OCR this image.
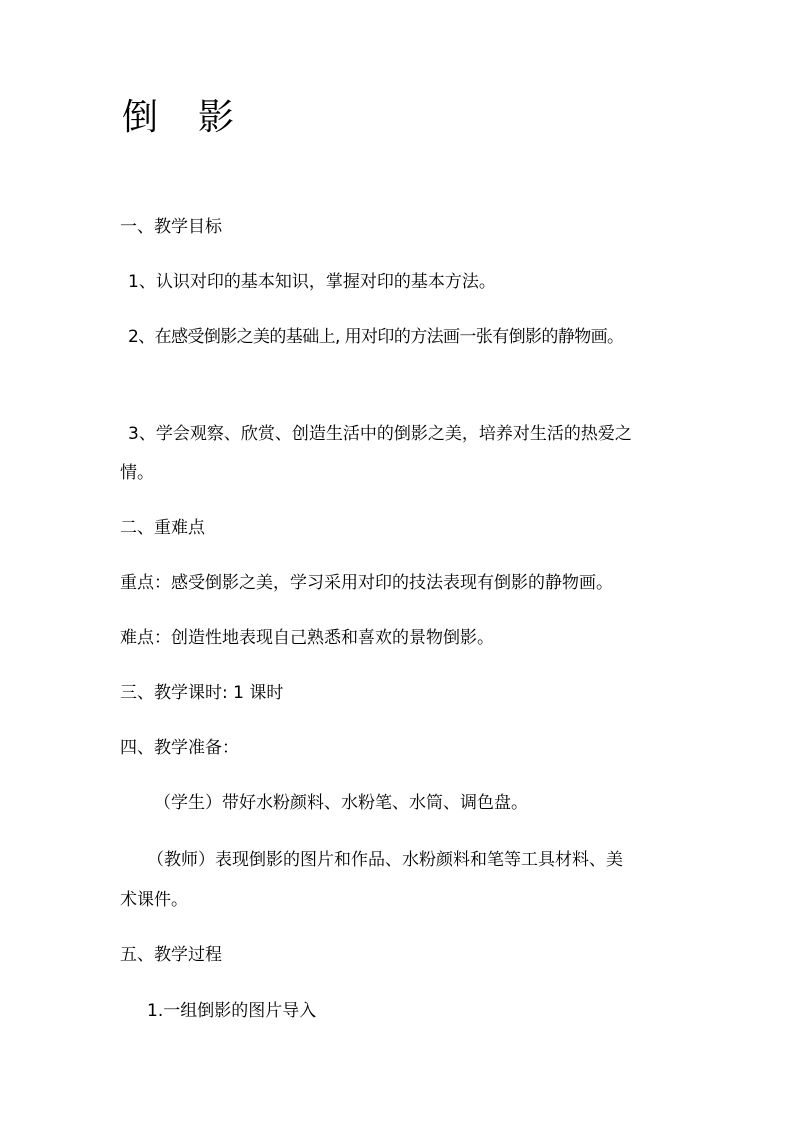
倒 影
一、教学目标
1、认识对印的基本知识，掌握对印的基本方法。
2、在感受倒影之美的基础上, 用对印的方法画一张有倒影的静物画。
3、学会观察、欣赏、创造生活中的倒影之美，培养对生活的热爱之
情。
二、重难点
重点：感受倒影之美，学习采用对印的技法表现有倒影的静物画。
难点：创造性地表现自己熟悉和喜欢的景物倒影。
三、教学课时: 1 课时
四、教学准备：
（学生）带好水粉颜料、水粉笔、水筒、调色盘。
（教师）表现倒影的图片和作品、水粉颜料和笔等工具材料、美
术课件。
五、教学过程
1.一组倒影的图片导入
